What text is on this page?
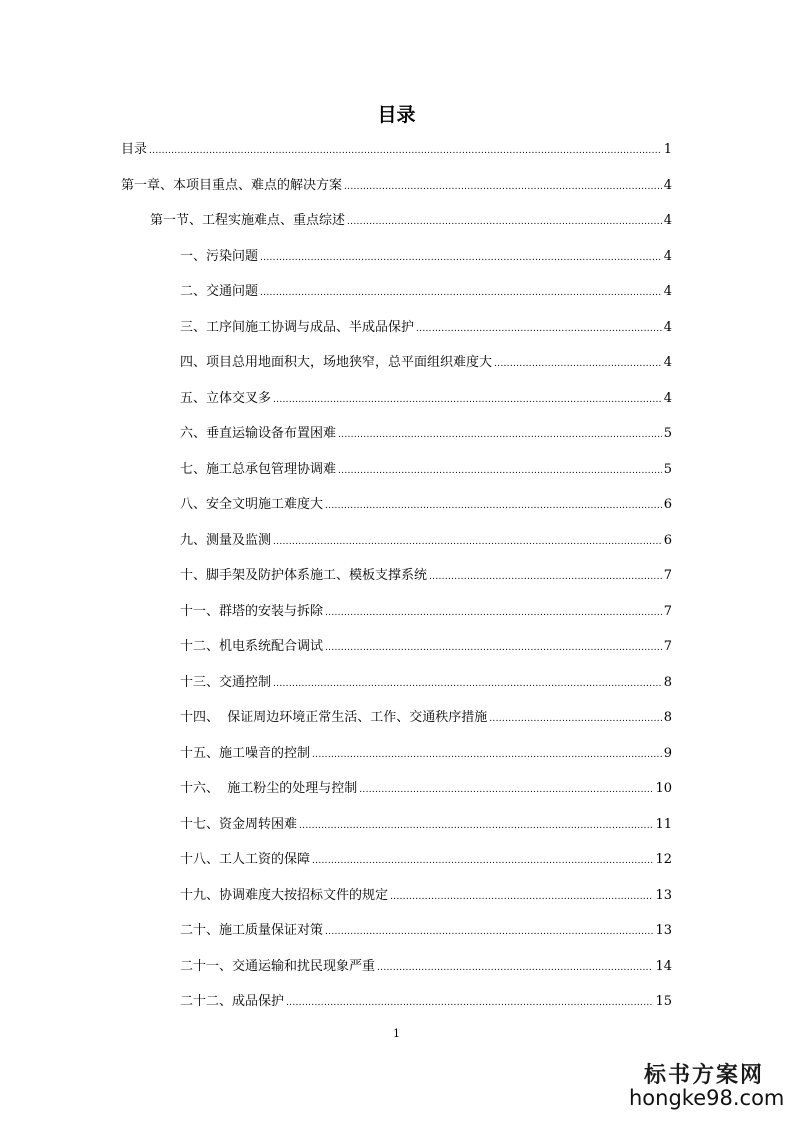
目录
目录 .....	1
第一章、本项目重点、难点的解决方案 .....	4
第一节、工程实施难点、重点综述 .....	4
一、污染问题 .....	4
二、交通问题 .....	4
三、工序间施工协调与成品、半成品保护 .....	4
四、项目总用地面积大，场地狭窄，总平面组织难度大 .....	4
五、立体交叉多 .....	4
六、垂直运输设备布置困难 .....	5
七、施工总承包管理协调难 .....	5
八、安全文明施工难度大 .....	6
九、测量及监测 .....	6
十、脚手架及防护体系施工、模板支撑系统 .....	7
十一、群塔的安装与拆除 .....	7
十二、机电系统配合调试 .....	7
十三、交通控制 .....	8
十四、  保证周边环境正常生活、工作、交通秩序措施 .....	8
十五、施工噪音的控制 .....	9
十六、  施工粉尘的处理与控制 .....	10
十七、资金周转困难 .....	11
十八、工人工资的保障 .....	12
十九、协调难度大按招标文件的规定 .....	13
二十、施工质量保证对策 .....	13
二十一、交通运输和扰民现象严重 .....	14
二十二、成品保护 .....	15
1
标书方案网
hongke98.com
